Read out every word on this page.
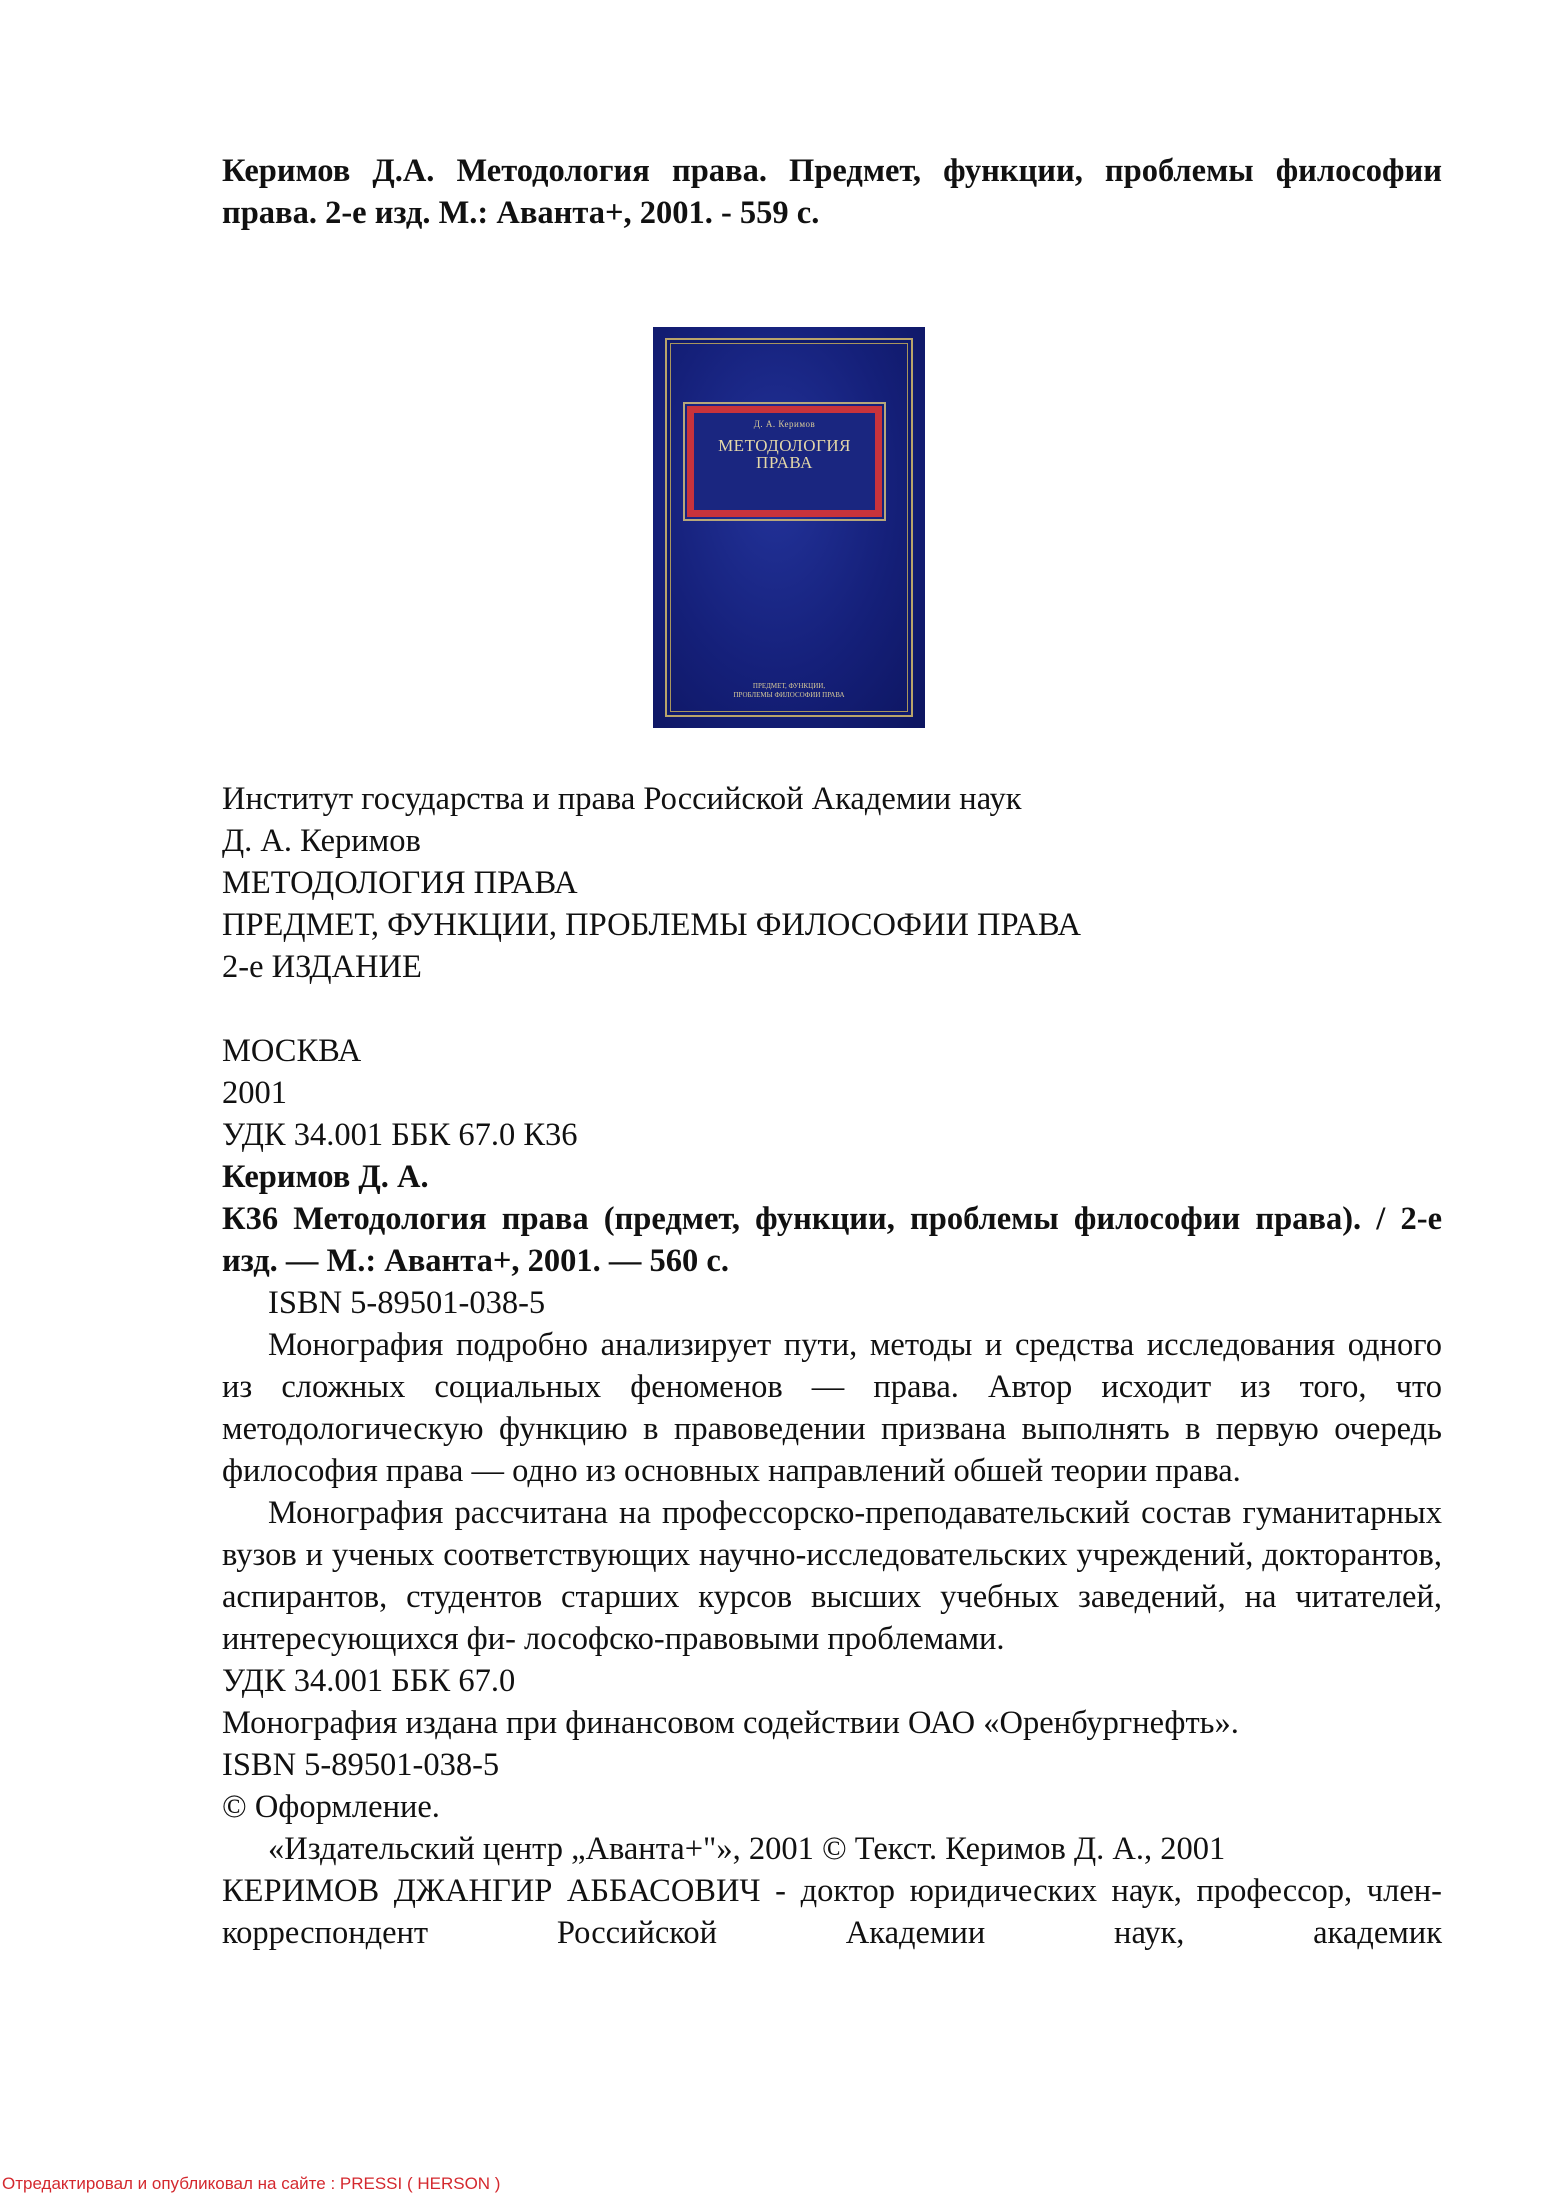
Керимов Д.А. Методология права. Предмет, функции, проблемы философии права. 2-е изд. М.: Аванта+, 2001. - 559 с.

Д. А. Керимов
МЕТОДОЛОГИЯ
ПРАВА
ПРЕДМЕТ, ФУНКЦИИ,
ПРОБЛЕМЫ ФИЛОСОФИИ ПРАВА

Институт государства и права Российской Академии наук

Д. А. Керимов

МЕТОДОЛОГИЯ ПРАВА

ПРЕДМЕТ, ФУНКЦИИ, ПРОБЛЕМЫ ФИЛОСОФИИ ПРАВА

2-е ИЗДАНИЕ

МОСКВА

2001

УДК 34.001 ББК 67.0 К36

Керимов Д. А.

К36 Методология права (предмет, функции, проблемы философии права). / 2-е изд. — М.: Аванта+, 2001. — 560 с.

ISBN 5-89501-038-5

Монография подробно анализирует пути, методы и средства исследования одного из сложных социальных феноменов — права. Автор исходит из того, что методологическую функцию в правоведении призвана выполнять в первую очередь философия права — одно из основных направлений обшей теории права.

Монография рассчитана на профессорско-преподавательский состав гуманитарных вузов и ученых соответствующих научно-исследовательских учреждений, докторантов, аспирантов, студентов старших курсов высших учебных заведений, на читателей, интересующихся фи- лософско-правовыми проблемами.

УДК 34.001 ББК 67.0

Монография издана при финансовом содействии ОАО «Оренбургнефть».

ISBN 5-89501-038-5

© Оформление.

«Издательский центр „Аванта+"», 2001 © Текст. Керимов Д. А., 2001

КЕРИМОВ ДЖАНГИР АББАСОВИЧ - доктор юридических наук, профессор, член-корреспондент Российской Академии наук, академик

Отредактировал и опубликовал на сайте : PRESSI ( HERSON )
